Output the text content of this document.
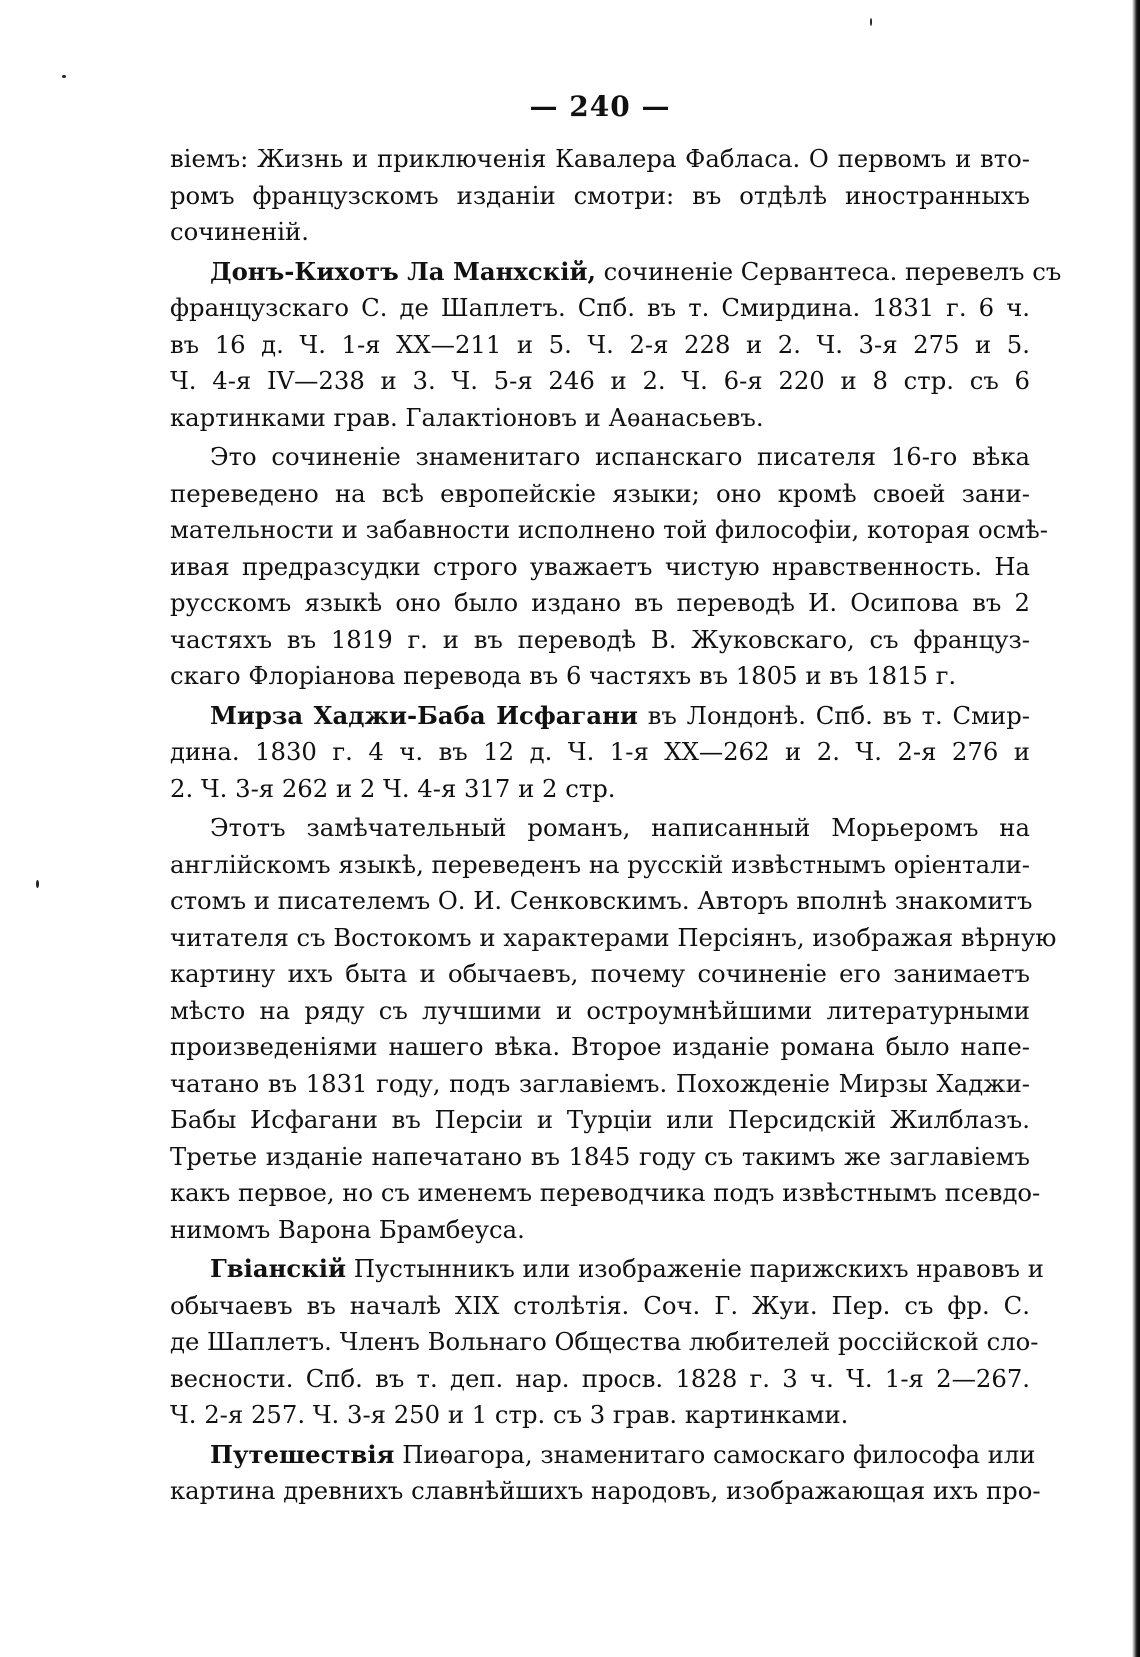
— 240 —

віемъ: Жизнь и приключенія Кавалера Фабласа. О первомъ и вто-
ромъ французскомъ изданіи смотри: въ отдѣлѣ иностранныхъ
сочиненій.

Донъ-Кихотъ Ла Манхскій, сочиненіе Сервантеса. перевелъ съ
французскаго С. де Шаплетъ. Спб. въ т. Смирдина. 1831 г. 6 ч.
въ 16 д. Ч. 1-я ХХ—211 и 5. Ч. 2-я 228 и 2. Ч. 3-я 275 и 5.
Ч. 4-я IV—238 и 3. Ч. 5-я 246 и 2. Ч. 6-я 220 и 8 стр. съ 6
картинками грав. Галактіоновъ и Аѳанасьевъ.

Это сочиненіе знаменитаго испанскаго писателя 16-го вѣка
переведено на всѣ европейскіе языки; оно кромѣ своей зани-
мательности и забавности исполнено той философіи, которая осмѣ-
ивая предразсудки строго уважаетъ чистую нравственность. На
русскомъ языкѣ оно было издано въ переводѣ И. Осипова въ 2
частяхъ въ 1819 г. и въ переводѣ В. Жуковскаго, съ француз-
скаго Флоріанова перевода въ 6 частяхъ въ 1805 и въ 1815 г.

Мирза Хаджи-Баба Исфагани въ Лондонѣ. Спб. въ т. Смир-
дина. 1830 г. 4 ч. въ 12 д. Ч. 1-я ХХ—262 и 2. Ч. 2-я 276 и
2. Ч. 3-я 262 и 2 Ч. 4-я 317 и 2 стр.

Этотъ замѣчательный романъ, написанный Морьеромъ на
англійскомъ языкѣ, переведенъ на русскій извѣстнымъ оріентали-
стомъ и писателемъ О. И. Сенковскимъ. Авторъ вполнѣ знакомитъ
читателя съ Востокомъ и характерами Персіянъ, изображая вѣрную
картину ихъ быта и обычаевъ, почему сочиненіе его занимаетъ
мѣсто на ряду съ лучшими и остроумнѣйшими литературными
произведеніями нашего вѣка. Второе изданіе романа было напе-
чатано въ 1831 году, подъ заглавіемъ. Похожденіе Мирзы Хаджи-
Бабы Исфагани въ Персіи и Турціи или Персидскій Жилблазъ.
Третье изданіе напечатано въ 1845 году съ такимъ же заглавіемъ
какъ первое, но съ именемъ переводчика подъ извѣстнымъ псевдо-
нимомъ Варона Брамбеуса.

Гвіанскій Пустынникъ или изображеніе парижскихъ нравовъ и
обычаевъ въ началѣ XIX столѣтія. Соч. Г. Жуи. Пер. съ фр. С.
де Шаплетъ. Членъ Вольнаго Общества любителей россійской сло-
весности. Спб. въ т. деп. нар. просв. 1828 г. 3 ч. Ч. 1-я 2—267.
Ч. 2-я 257. Ч. 3-я 250 и 1 стр. съ 3 грав. картинками.

Путешествія Пиѳагора, знаменитаго самоскаго философа или
картина древнихъ славнѣйшихъ народовъ, изображающая ихъ про-
